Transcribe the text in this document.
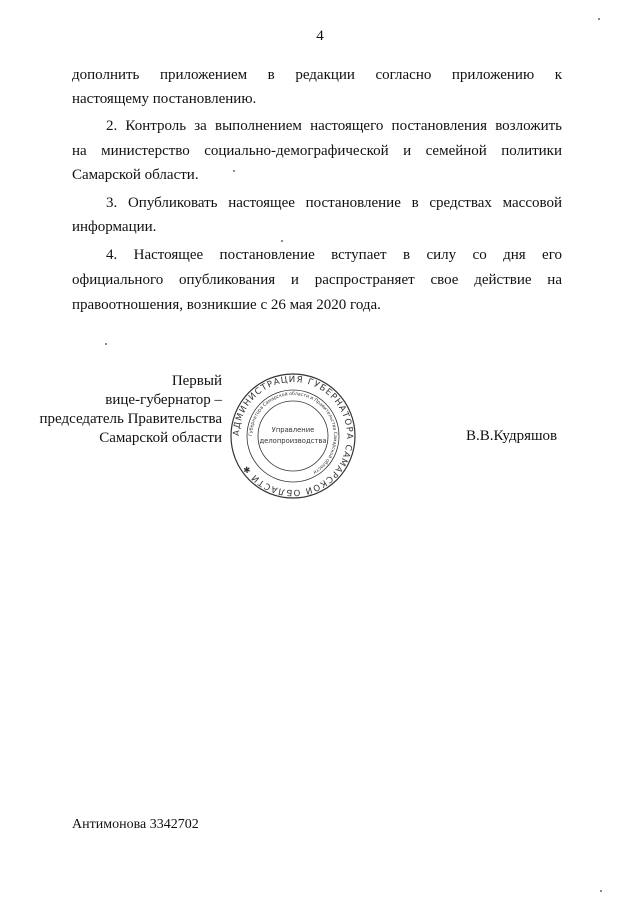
4
дополнить приложением в редакции согласно приложению к
настоящему постановлению.
2. Контроль за выполнением настоящего постановления возложить
на министерство социально-демографической и семейной политики
Самарской области.
3. Опубликовать настоящее постановление в средствах массовой
информации.
4. Настоящее постановление вступает в силу со дня его
официального опубликования и распространяет свое действие на
правоотношения, возникшие с 26 мая 2020 года.
Первый
вице-губернатор –
председатель Правительства
Самарской области АДМИНИСТРАЦИЯ ГУБЕРНАТОРА САМАРСКОЙ ОБЛАСТИ ✱
Губернатора Самарской области и Правительства Самарской области
Управление
делопроизводства	В.В.Кудряшов
Антимонова 3342702
